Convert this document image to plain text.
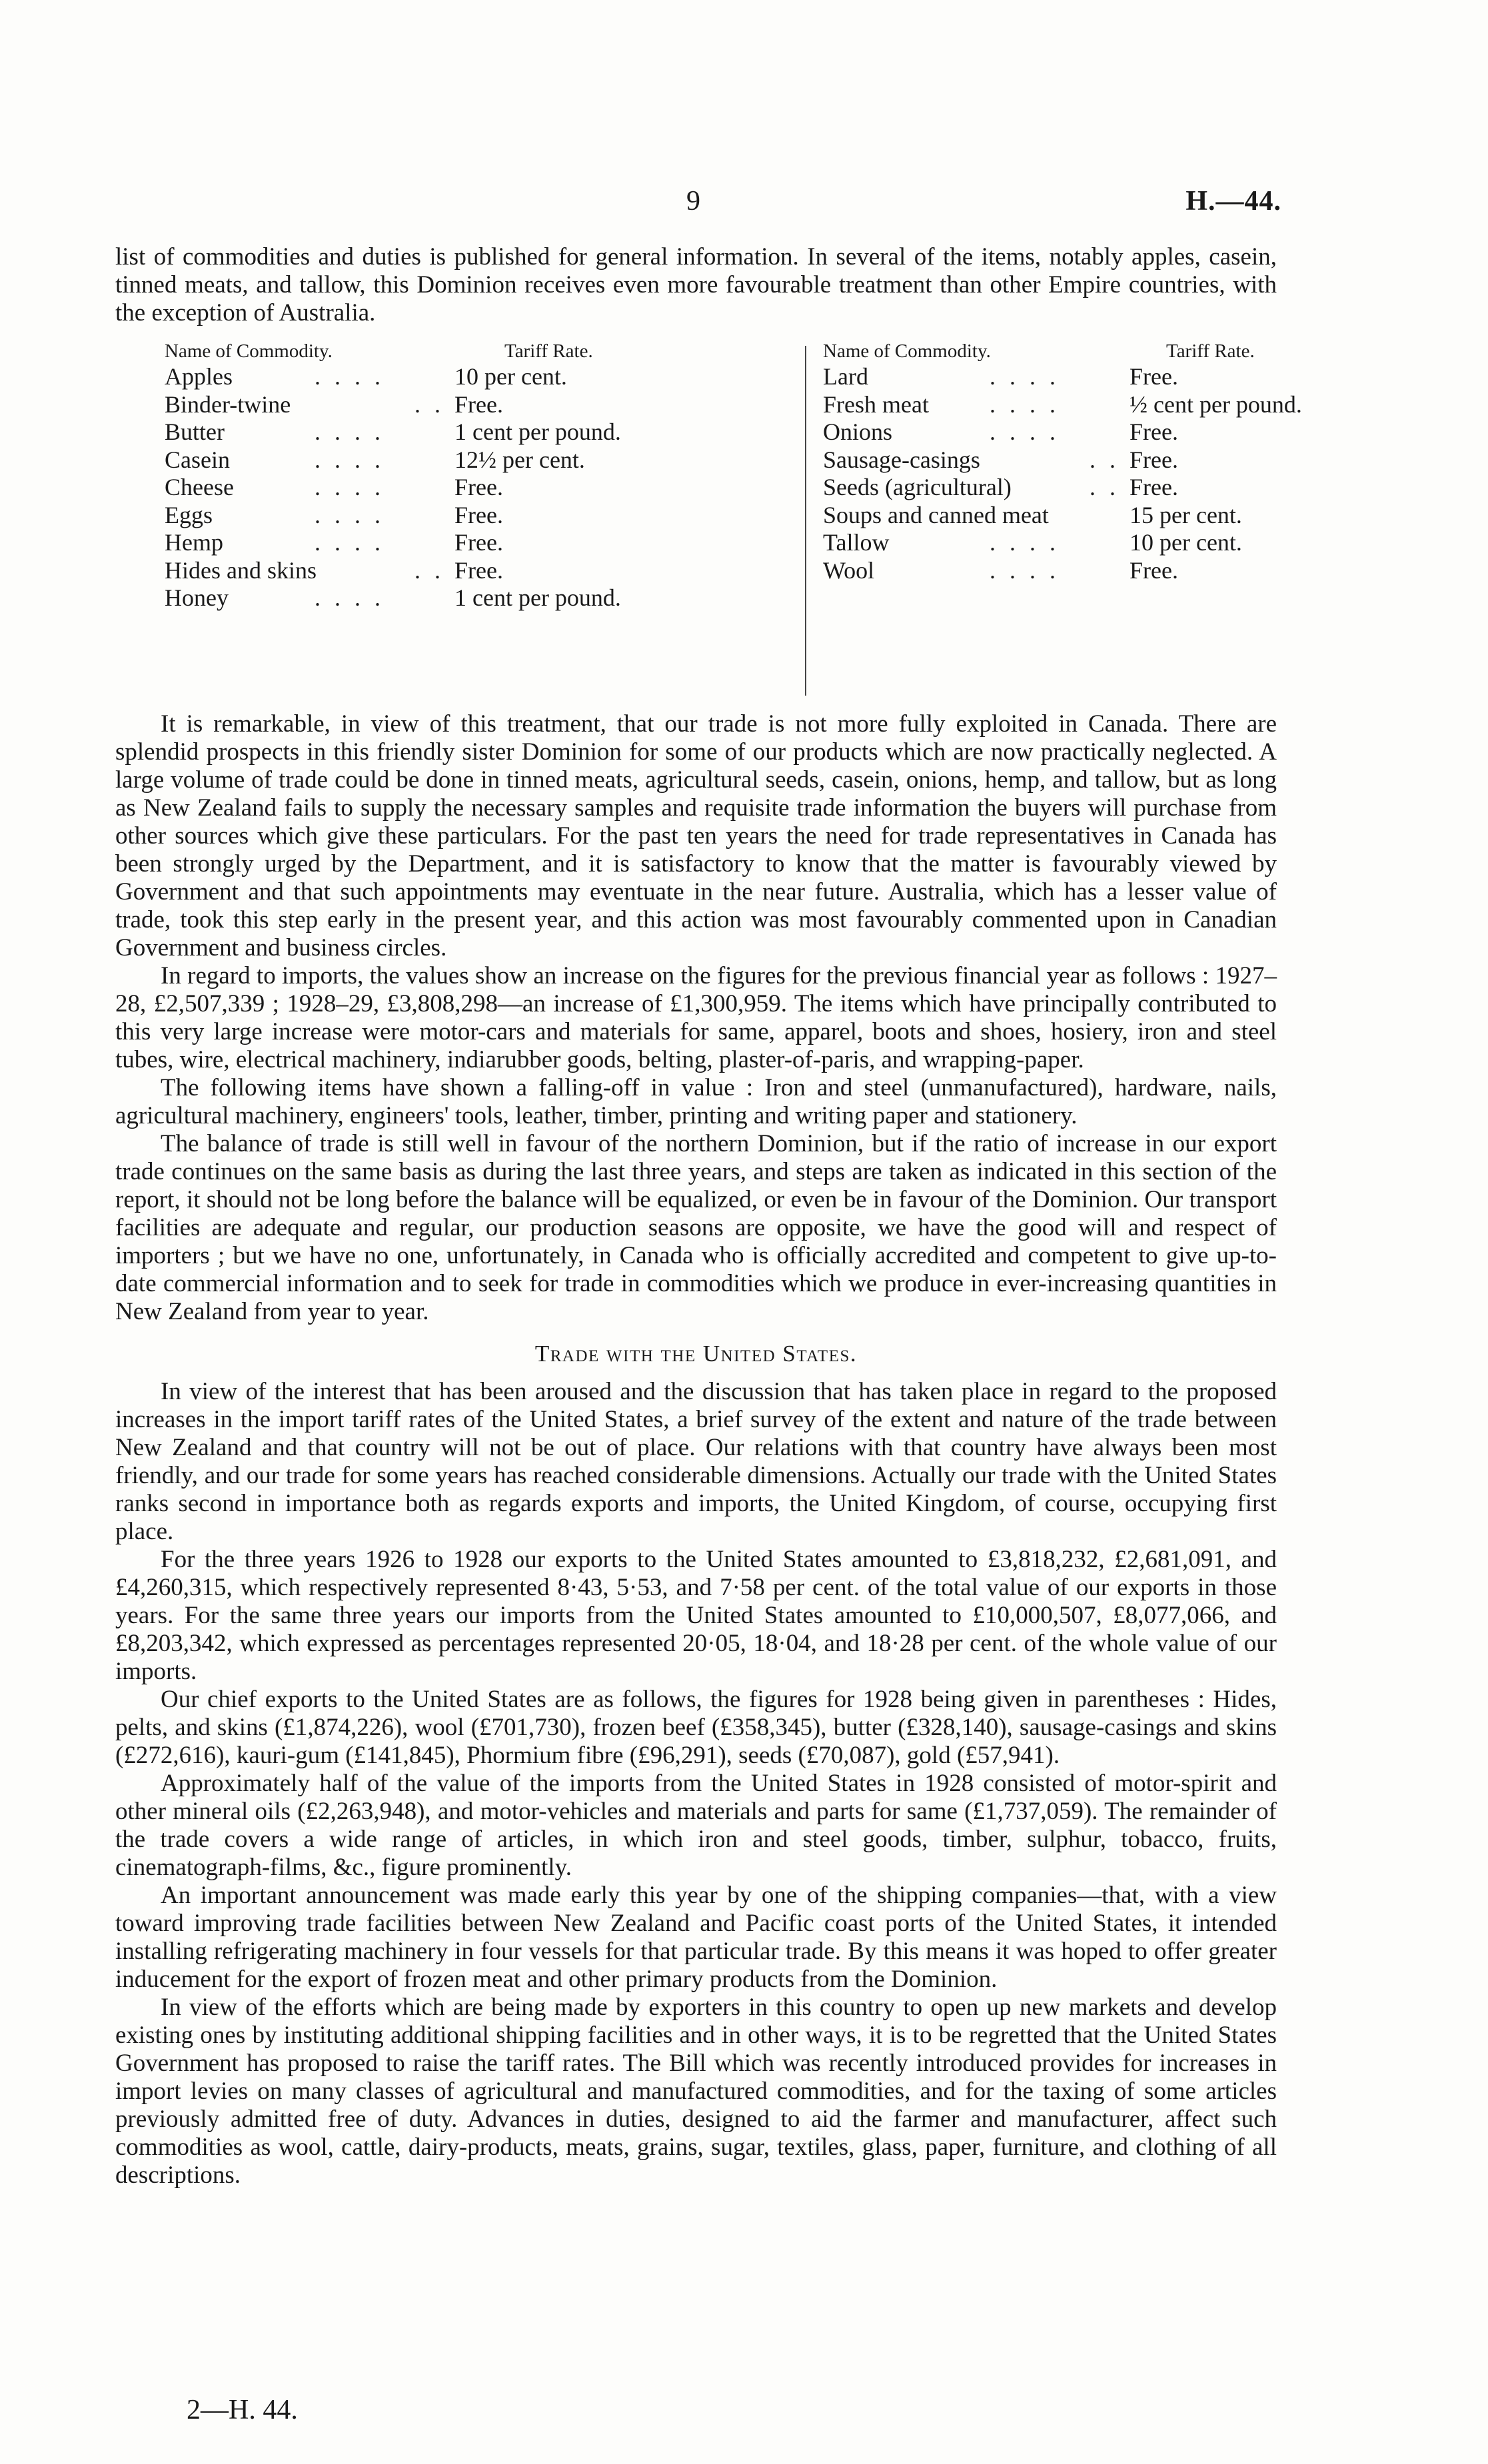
9	H.—44.

list of commodities and duties is published for general information. In several of the items, notably apples, casein, tinned meats, and tallow, this Dominion receives even more favourable treatment than other Empire countries, with the exception of Australia.

Name of Commodity.	Tariff Rate.
Apples	. . . .	10 per cent.
Binder-twine	. . Free.
Butter	. . . .	1 cent per pound.
Casein	. . . .	12½ per cent.
Cheese	. . . .	Free.
Eggs	. . . .	Free.
Hemp	. . . .	Free.
Hides and skins	. . Free.
Honey	. . . .	1 cent per pound.
Name of Commodity.	Tariff Rate.
Lard	. . . .	Free.
Fresh meat	. . . .	½ cent per pound.
Onions	. . . .	Free.
Sausage-casings	. . Free.
Seeds (agricultural)	. . Free.
Soups and canned meat	15 per cent.
Tallow	. . . .	10 per cent.
Wool	. . . .	Free.

It is remarkable, in view of this treatment, that our trade is not more fully exploited in Canada. There are splendid prospects in this friendly sister Dominion for some of our products which are now practically neglected. A large volume of trade could be done in tinned meats, agricultural seeds, casein, onions, hemp, and tallow, but as long as New Zealand fails to supply the necessary samples and requisite trade information the buyers will purchase from other sources which give these particulars. For the past ten years the need for trade representatives in Canada has been strongly urged by the Department, and it is satisfactory to know that the matter is favourably viewed by Government and that such appointments may eventuate in the near future. Australia, which has a lesser value of trade, took this step early in the present year, and this action was most favourably commented upon in Canadian Government and business circles.

In regard to imports, the values show an increase on the figures for the previous financial year as follows : 1927–28, £2,507,339 ; 1928–29, £3,808,298—an increase of £1,300,959. The items which have principally contributed to this very large increase were motor-cars and materials for same, apparel, boots and shoes, hosiery, iron and steel tubes, wire, electrical machinery, indiarubber goods, belting, plaster-of-paris, and wrapping-paper.

The following items have shown a falling-off in value : Iron and steel (unmanufactured), hardware, nails, agricultural machinery, engineers' tools, leather, timber, printing and writing paper and stationery.

The balance of trade is still well in favour of the northern Dominion, but if the ratio of increase in our export trade continues on the same basis as during the last three years, and steps are taken as indicated in this section of the report, it should not be long before the balance will be equalized, or even be in favour of the Dominion. Our transport facilities are adequate and regular, our production seasons are opposite, we have the good will and respect of importers ; but we have no one, unfortunately, in Canada who is officially accredited and competent to give up-to-date commercial information and to seek for trade in commodities which we produce in ever-increasing quantities in New Zealand from year to year.

Trade with the United States.

In view of the interest that has been aroused and the discussion that has taken place in regard to the proposed increases in the import tariff rates of the United States, a brief survey of the extent and nature of the trade between New Zealand and that country will not be out of place. Our relations with that country have always been most friendly, and our trade for some years has reached considerable dimensions. Actually our trade with the United States ranks second in importance both as regards exports and imports, the United Kingdom, of course, occupying first place.

For the three years 1926 to 1928 our exports to the United States amounted to £3,818,232, £2,681,091, and £4,260,315, which respectively represented 8·43, 5·53, and 7·58 per cent. of the total value of our exports in those years. For the same three years our imports from the United States amounted to £10,000,507, £8,077,066, and £8,203,342, which expressed as percentages represented 20·05, 18·04, and 18·28 per cent. of the whole value of our imports.

Our chief exports to the United States are as follows, the figures for 1928 being given in parentheses : Hides, pelts, and skins (£1,874,226), wool (£701,730), frozen beef (£358,345), butter (£328,140), sausage-casings and skins (£272,616), kauri-gum (£141,845), Phormium fibre (£96,291), seeds (£70,087), gold (£57,941).

Approximately half of the value of the imports from the United States in 1928 consisted of motor-spirit and other mineral oils (£2,263,948), and motor-vehicles and materials and parts for same (£1,737,059). The remainder of the trade covers a wide range of articles, in which iron and steel goods, timber, sulphur, tobacco, fruits, cinematograph-films, &c., figure prominently.

An important announcement was made early this year by one of the shipping companies—that, with a view toward improving trade facilities between New Zealand and Pacific coast ports of the United States, it intended installing refrigerating machinery in four vessels for that particular trade. By this means it was hoped to offer greater inducement for the export of frozen meat and other primary products from the Dominion.

In view of the efforts which are being made by exporters in this country to open up new markets and develop existing ones by instituting additional shipping facilities and in other ways, it is to be regretted that the United States Government has proposed to raise the tariff rates. The Bill which was recently introduced provides for increases in import levies on many classes of agricultural and manufactured commodities, and for the taxing of some articles previously admitted free of duty. Advances in duties, designed to aid the farmer and manufacturer, affect such commodities as wool, cattle, dairy-products, meats, grains, sugar, textiles, glass, paper, furniture, and clothing of all descriptions.

2—H. 44.
